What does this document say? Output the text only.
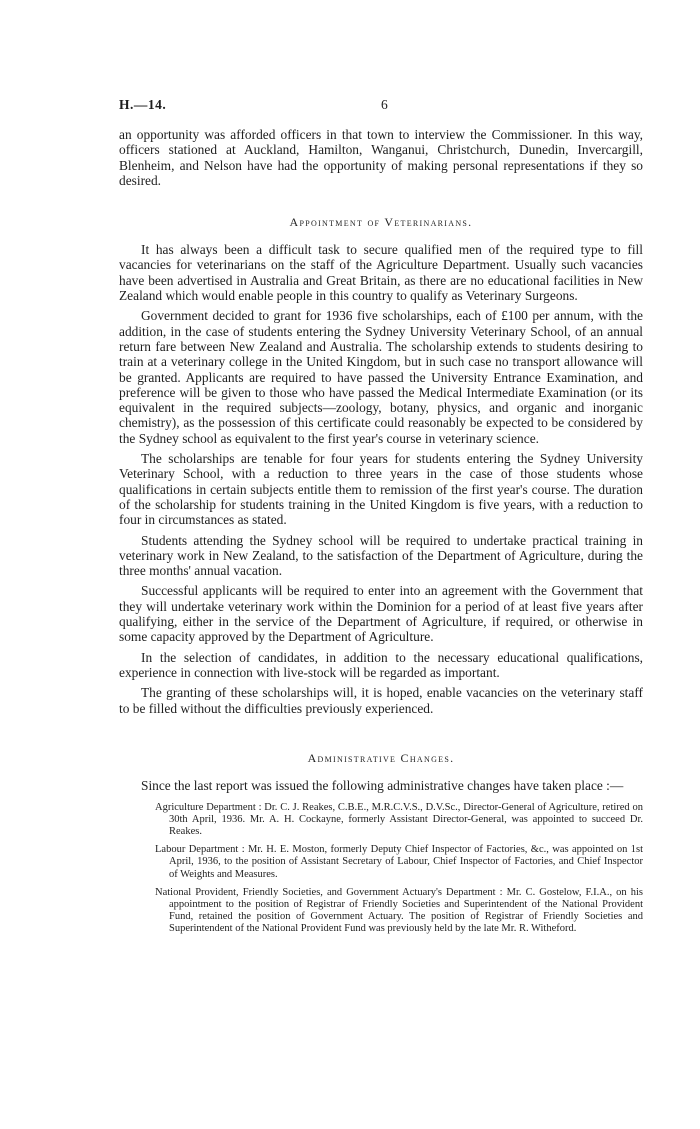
H.—14.	6

an opportunity was afforded officers in that town to interview the Commissioner. In this way, officers stationed at Auckland, Hamilton, Wanganui, Christchurch, Dunedin, Invercargill, Blenheim, and Nelson have had the opportunity of making personal representations if they so desired.

Appointment of Veterinarians.

It has always been a difficult task to secure qualified men of the required type to fill vacancies for veterinarians on the staff of the Agriculture Department. Usually such vacancies have been advertised in Australia and Great Britain, as there are no educational facilities in New Zealand which would enable people in this country to qualify as Veterinary Surgeons.

Government decided to grant for 1936 five scholarships, each of £100 per annum, with the addition, in the case of students entering the Sydney University Veterinary School, of an annual return fare between New Zealand and Australia. The scholarship extends to students desiring to train at a veterinary college in the United Kingdom, but in such case no transport allowance will be granted. Applicants are required to have passed the University Entrance Examination, and preference will be given to those who have passed the Medical Intermediate Examination (or its equivalent in the required subjects—zoology, botany, physics, and organic and inorganic chemistry), as the possession of this certificate could reasonably be expected to be considered by the Sydney school as equivalent to the first year's course in veterinary science.

The scholarships are tenable for four years for students entering the Sydney University Veterinary School, with a reduction to three years in the case of those students whose qualifications in certain subjects entitle them to remission of the first year's course. The duration of the scholarship for students training in the United Kingdom is five years, with a reduction to four in circumstances as stated.

Students attending the Sydney school will be required to undertake practical training in veterinary work in New Zealand, to the satisfaction of the Department of Agriculture, during the three months' annual vacation.

Successful applicants will be required to enter into an agreement with the Government that they will undertake veterinary work within the Dominion for a period of at least five years after qualifying, either in the service of the Department of Agriculture, if required, or otherwise in some capacity approved by the Department of Agriculture.

In the selection of candidates, in addition to the necessary educational qualifications, experience in connection with live-stock will be regarded as important.

The granting of these scholarships will, it is hoped, enable vacancies on the veterinary staff to be filled without the difficulties previously experienced.

Administrative Changes.

Since the last report was issued the following administrative changes have taken place :—

Agriculture Department : Dr. C. J. Reakes, C.B.E., M.R.C.V.S., D.V.Sc., Director-General of Agriculture, retired on 30th April, 1936. Mr. A. H. Cockayne, formerly Assistant Director-General, was appointed to succeed Dr. Reakes.
Labour Department : Mr. H. E. Moston, formerly Deputy Chief Inspector of Factories, &c., was appointed on 1st April, 1936, to the position of Assistant Secretary of Labour, Chief Inspector of Factories, and Chief Inspector of Weights and Measures.
National Provident, Friendly Societies, and Government Actuary's Department : Mr. C. Gostelow, F.I.A., on his appointment to the position of Registrar of Friendly Societies and Superintendent of the National Provident Fund, retained the position of Government Actuary. The position of Registrar of Friendly Societies and Superintendent of the National Provident Fund was previously held by the late Mr. R. Witheford.
